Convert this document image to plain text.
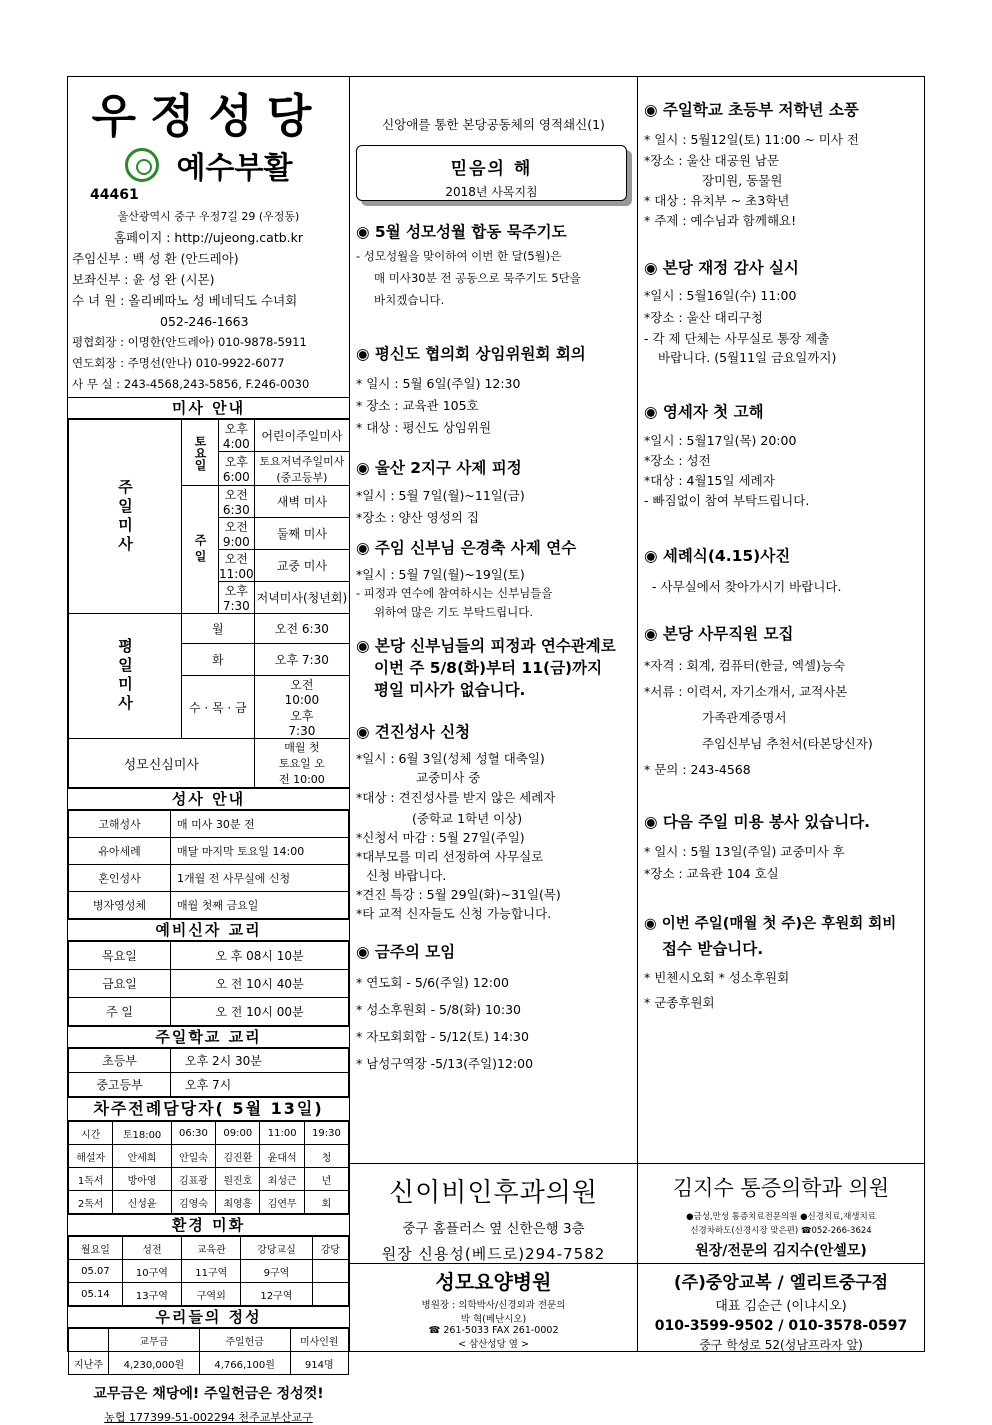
우정성당
예수부활
44461
울산광역시 중구 우정7길 29 (우정동)
홈페이지 : http://ujeong.catb.kr
주임신부 : 백 성 환 (안드레아)
보좌신부 : 윤 성 완 (시몬)
수 녀 원 : 올리베따노 성 베네딕도 수녀회
052-246-1663
평협회장 : 이명한(안드레아) 010-9878-5911
연도회장 : 주명선(안나) 010-9922-6077
사 무 실 : 243-4568,243-5856, F.246-0030
미사 안내
주일미사	토요일	오후 4:00	어린이주일미사
		오후 6:00	토요저녁주일미사 (중고등부)

	주일	오전 6:30	새벽 미사
		오전 9:00	둘째 미사
		오전11:00	교중 미사
		오후 7:30	저녁미사(청년회)

평일미사	월		오전 6:30
	화		오후 7:30
	수 · 목 · 금		오전 10:00 오후 7:30
성모신심미사			매월 첫 토요일 오전 10:00
성사 안내
고해성사	매 미사 30분 전
유아세례	매달 마지막 토요일 14:00
혼인성사	1개월 전 사무실에 신청
병자영성체	매월 첫째 금요일
예비신자 교리
목요일	오 후 08시 10분
금요일	오 전 10시 40분
주 일	오 전 10시 00분
주일학교 교리
초등부	오후 2시 30분
중고등부	오후 7시
차주전례담당자( 5월 13일)
시간	토18:00	06:30	09:00	11:00	19:30
해설자	안세희	안일숙	김진환	윤대석	청
1독서	방아영	김표광	원진호	최성근	년
2독서	신성윤	김영숙	최영흥	김연무	회
환경 미화
월요일	성전	교육관	강당교실	강당
05.07	10구역	11구역	9구역	
05.14	13구역	구역외	12구역	
우리들의 정성
	교무금	주일헌금	미사인원
지난주	4,230,000원	4,766,100원	914명
교무금은 채당에! 주일헌금은 정성껏!
농협 177399-51-002294 천주교부산교구
신앙애를 통한 본당공동체의 영적쇄신(1)
믿음의 해
2018년 사목지침
◉ 5월 성모성월 합동 묵주기도
- 성모성월을 맞이하여 이번 한 달(5월)은
매 미사30분 전 공동으로 묵주기도 5단을
바치겠습니다.
◉ 평신도 협의회 상임위원회 회의
* 일시 : 5월 6일(주일) 12:30
* 장소 : 교육관 105호
* 대상 : 평신도 상임위원
◉ 울산 2지구 사제 피정
*일시 : 5월 7일(월)~11일(금)
*장소 : 양산 영성의 집
◉ 주임 신부님 은경축 사제 연수
*일시 : 5월 7일(월)~19일(토)
- 피정과 연수에 참여하시는 신부님들을
위하여 많은 기도 부탁드립니다.
◉ 본당 신부님들의 피정과 연수관계로
이번 주 5/8(화)부터 11(금)까지
평일 미사가 없습니다.
◉ 견진성사 신청
*일시 : 6월 3일(성체 성혈 대축일)
교중미사 중
*대상 : 견진성사를 받지 않은 세례자
(중학교 1학년 이상)
*신청서 마감 : 5월 27일(주일)
*대부모를 미리 선정하여 사무실로
신청 바랍니다.
*견진 특강 : 5월 29일(화)~31일(목)
*타 교적 신자들도 신청 가능합니다.
◉ 금주의 모임
* 연도회 - 5/6(주일) 12:00
* 성소후원회 - 5/8(화) 10:30
* 자모회회합 - 5/12(토) 14:30
* 남성구역장 -5/13(주일)12:00
신이비인후과의원
중구 홈플러스 옆 신한은행 3층
원장 신용성(베드로)294-7582
성모요양병원
병원장 : 의학박사/신경외과 전문의
박 혁(베난시오)
☎ 261-5033 FAX 261-0002
< 삼산성당 옆 >
◉ 주일학교 초등부 저학년 소풍
* 일시 : 5월12일(토) 11:00 ~ 미사 전
*장소 : 울산 대공원 남문
장미원, 동물원
* 대상 : 유치부 ~ 초3학년
* 주제 : 예수님과 함께해요!
◉ 본당 재정 감사 실시
*일시 : 5월16일(수) 11:00
*장소 : 울산 대리구청
- 각 제 단체는 사무실로 통장 제출
바랍니다. (5월11일 금요일까지)
◉ 영세자 첫 고해
*일시 : 5월17일(목) 20:00
*장소 : 성전
*대상 : 4월15일 세례자
- 빠짐없이 참여 부탁드립니다.
◉ 세례식(4.15)사진
- 사무실에서 찾아가시기 바랍니다.
◉ 본당 사무직원 모집
*자격 : 회계, 컴퓨터(한글, 엑셀)능숙
*서류 : 이력서, 자기소개서, 교적사본
가족관계증명서
주임신부님 추천서(타본당신자)
* 문의 : 243-4568
◉ 다음 주일 미용 봉사 있습니다.
* 일시 : 5월 13일(주일) 교중미사 후
*장소 : 교육관 104 호실
◉ 이번 주일(매월 첫 주)은 후원회 회비
접수 받습니다.
* 빈첸시오회 * 성소후원회
* 군종후원회
김지수 통증의학과 의원
●금성,만성 통증치료전문의원 ●신경치료,재생치료
신경차하도(신경시장 맞은편) ☎052-266-3624
원장/전문의 김지수(안셀모)
(주)중앙교복 / 엘리트중구점
대표 김순근 (이냐시오)
010-3599-9502 / 010-3578-0597
중구 학성로 52(성남프라자 앞)
